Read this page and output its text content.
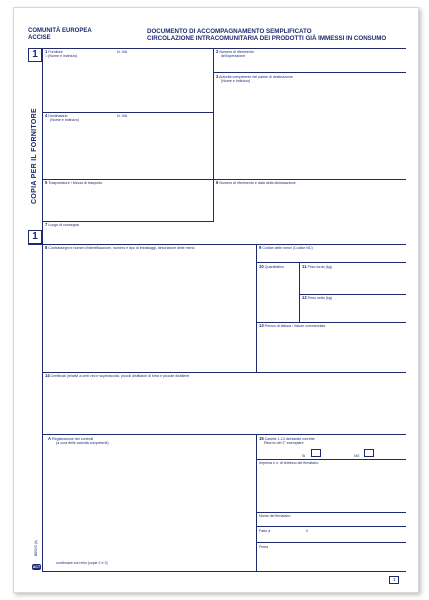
COMUNITÀ EUROPEA
ACCISE
DOCUMENTO DI ACCOMPAGNAMENTO SEMPLIFICATO
CIRCOLAZIONE INTRACOMUNITARIA DEI PRODOTTI GIÀ IMMESSI IN CONSUMO
1
COPIA PER IL FORNITORE
1
1 Fornitore	N. IVA
□ (Nome e indirizzo)
2 Numero di riferimento
dell'operazione
3 Autorità competente del paese di destinazione
(Nome e indirizzo)
4 Destinatario	N. IVA
(Nome e indirizzo)
5 Trasportatore / Mezzo di trasporto	6 Numero di riferimento e data della dichiarazione
7 Luogo di consegna
8 Contrassegni e numeri d'identificazione, numero e tipo di imballaggi, descrizione delle merci	9 Codice delle merci (Codice NC)
10 Quantitativo	11 Peso lordo (kg)
12 Peso netto (kg)
13 Prezzo di fattura / Valore commerciale
14 Certificati (relativi a certi vini e superalcolici, piccoli distillatori di birra e piccole distillerie
A Registrazione dei controlli
(a cura delle autorità competenti)
continuare sul retro (copie 2 e 3)
15 Caselle 1-13 dichiarate corrette
Ritorno del 2° esemplare
SI	NO
Impresa e n. di telefono del firmatario
Nome del firmatario
Fatto a	il
Firma
B852/3 (6)
ACT
1
